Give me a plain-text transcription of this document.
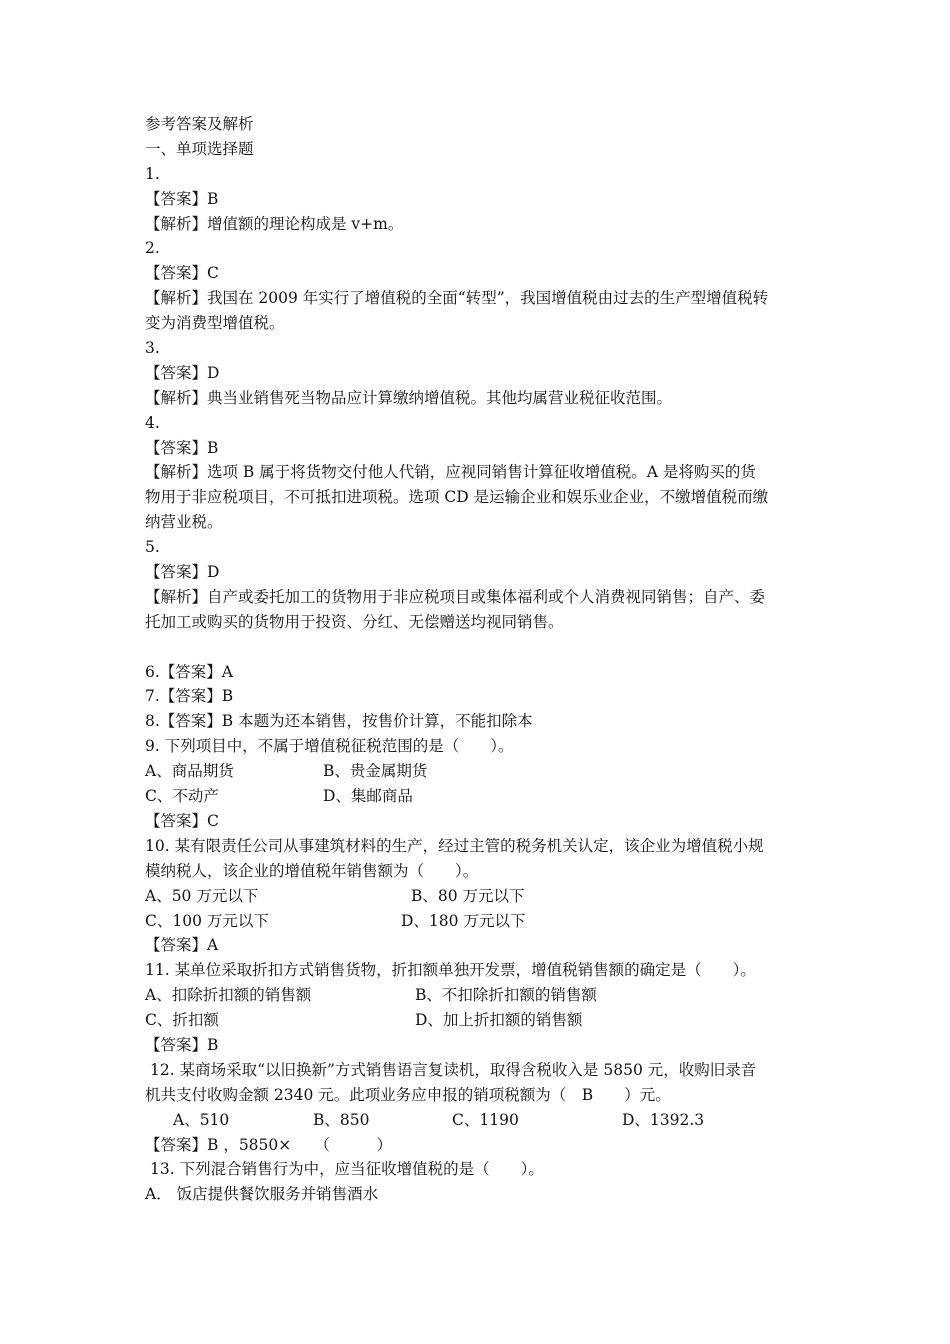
参考答案及解析
一、单项选择题
1.
【答案】B
【解析】增值额的理论构成是 v+m。
2.
【答案】C
【解析】我国在 2009 年实行了增值税的全面“转型”，我国增值税由过去的生产型增值税转
变为消费型增值税。
3.
【答案】D
【解析】典当业销售死当物品应计算缴纳增值税。其他均属营业税征收范围。
4.
【答案】B
【解析】选项 B 属于将货物交付他人代销，应视同销售计算征收增值税。A 是将购买的货
物用于非应税项目，不可抵扣进项税。选项 CD 是运输企业和娱乐业企业，不缴增值税而缴
纳营业税。
5.
【答案】D
【解析】自产或委托加工的货物用于非应税项目或集体福利或个人消费视同销售；自产、委
托加工或购买的货物用于投资、分红、无偿赠送均视同销售。
6.【答案】A
7.【答案】B
8.【答案】B 本题为还本销售，按售价计算，不能扣除本
9. 下列项目中，不属于增值税征税范围的是（　　）。
A、商品期货	B、贵金属期货
C、不动产	D、集邮商品
【答案】C
10. 某有限责任公司从事建筑材料的生产，经过主管的税务机关认定，该企业为增值税小规
模纳税人，该企业的增值税年销售额为（　　）。
A、50 万元以下	B、80 万元以下
C、100 万元以下	D、180 万元以下
【答案】A
11. 某单位采取折扣方式销售货物，折扣额单独开发票，增值税销售额的确定是（　　）。
A、扣除折扣额的销售额	B、不扣除折扣额的销售额
C、折扣额	D、加上折扣额的销售额
【答案】B
12. 某商场采取“以旧换新”方式销售语言复读机，取得含税收入是 5850 元，收购旧录音
机共支付收购金额 2340 元。此项业务应申报的销项税额为（　B　　）元。
A、510	B、850	C、1190	D、1392.3
【答案】B ，5850×　　（　　　）
13. 下列混合销售行为中，应当征收增值税的是（　　）。
A． 饭店提供餐饮服务并销售酒水
